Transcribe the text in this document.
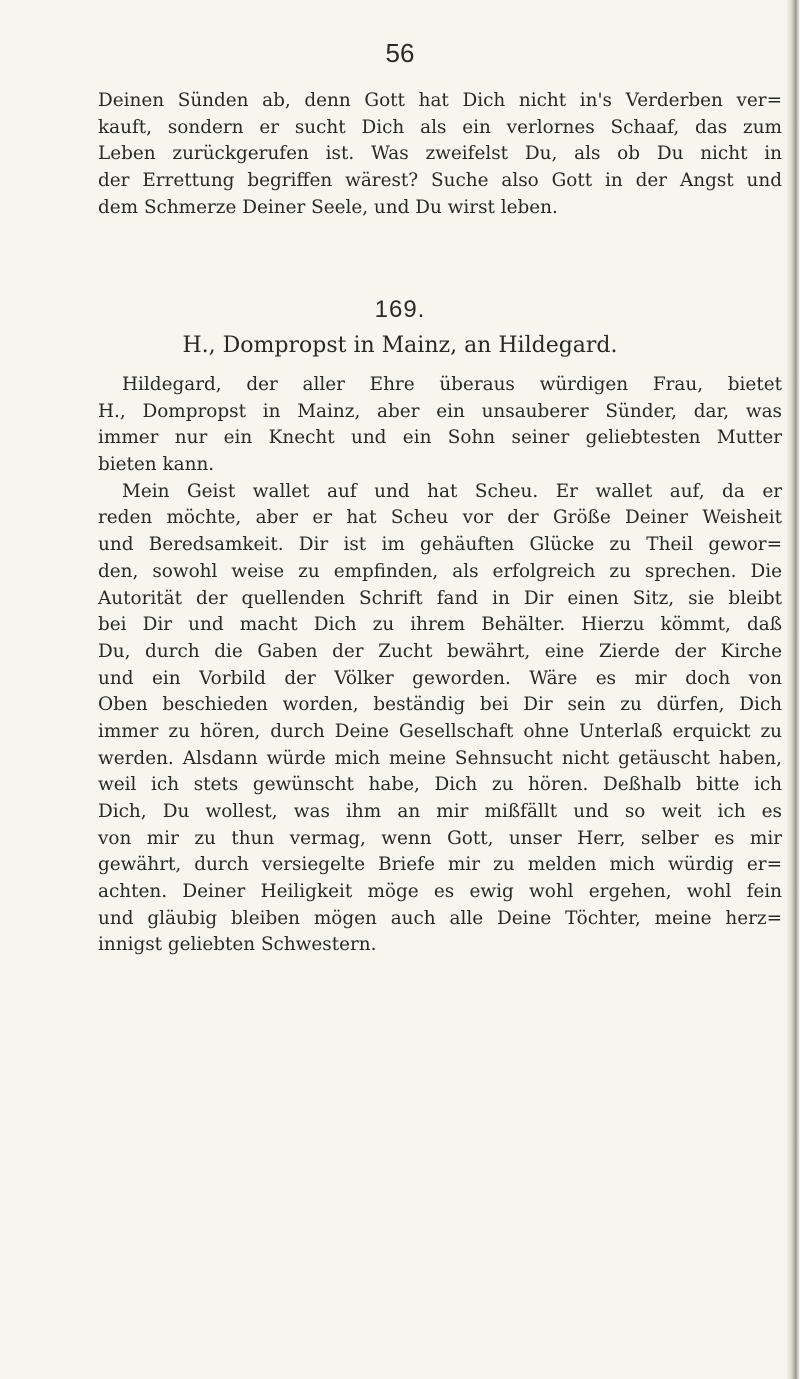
56
Deinen Sünden ab, denn Gott hat Dich nicht in's Verderben ver=
kauft, sondern er sucht Dich als ein verlornes Schaaf, das zum
Leben zurückgerufen ist. Was zweifelst Du, als ob Du nicht in
der Errettung begriffen wärest? Suche also Gott in der Angst und
dem Schmerze Deiner Seele, und Du wirst leben.
169.
H., Dompropst in Mainz, an Hildegard.
Hildegard, der aller Ehre überaus würdigen Frau, bietet
H., Dompropst in Mainz, aber ein unsauberer Sünder, dar, was
immer nur ein Knecht und ein Sohn seiner geliebtesten Mutter
bieten kann.
Mein Geist wallet auf und hat Scheu. Er wallet auf, da er
reden möchte, aber er hat Scheu vor der Größe Deiner Weisheit
und Beredsamkeit. Dir ist im gehäuften Glücke zu Theil gewor=
den, sowohl weise zu empfinden, als erfolgreich zu sprechen. Die
Autorität der quellenden Schrift fand in Dir einen Sitz, sie bleibt
bei Dir und macht Dich zu ihrem Behälter. Hierzu kömmt, daß
Du, durch die Gaben der Zucht bewährt, eine Zierde der Kirche
und ein Vorbild der Völker geworden. Wäre es mir doch von
Oben beschieden worden, beständig bei Dir sein zu dürfen, Dich
immer zu hören, durch Deine Gesellschaft ohne Unterlaß erquickt zu
werden. Alsdann würde mich meine Sehnsucht nicht getäuscht haben,
weil ich stets gewünscht habe, Dich zu hören. Deßhalb bitte ich
Dich, Du wollest, was ihm an mir mißfällt und so weit ich es
von mir zu thun vermag, wenn Gott, unser Herr, selber es mir
gewährt, durch versiegelte Briefe mir zu melden mich würdig er=
achten. Deiner Heiligkeit möge es ewig wohl ergehen, wohl fein
und gläubig bleiben mögen auch alle Deine Töchter, meine herz=
innigst geliebten Schwestern.
